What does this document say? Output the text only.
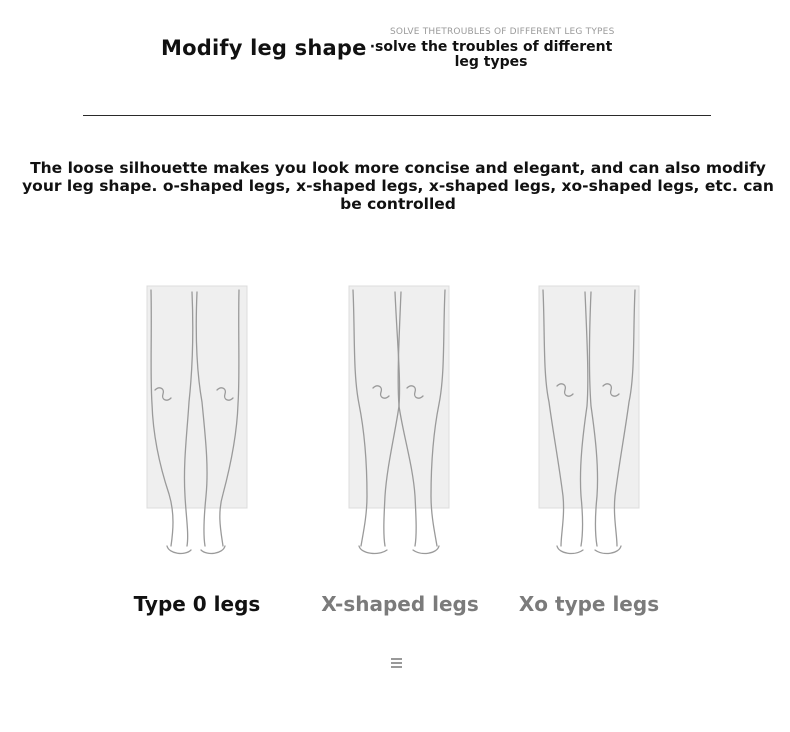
Modify leg shape
SOLVE THETROUBLES OF DIFFERENT LEG TYPES
·solve the troubles of different leg types
The loose silhouette makes you look more concise and elegant, and can also modify your leg shape. o-shaped legs, x-shaped legs, x-shaped legs, xo-shaped legs, etc. can be controlled
Type 0 legs	X-shaped legs	Xo type legs
